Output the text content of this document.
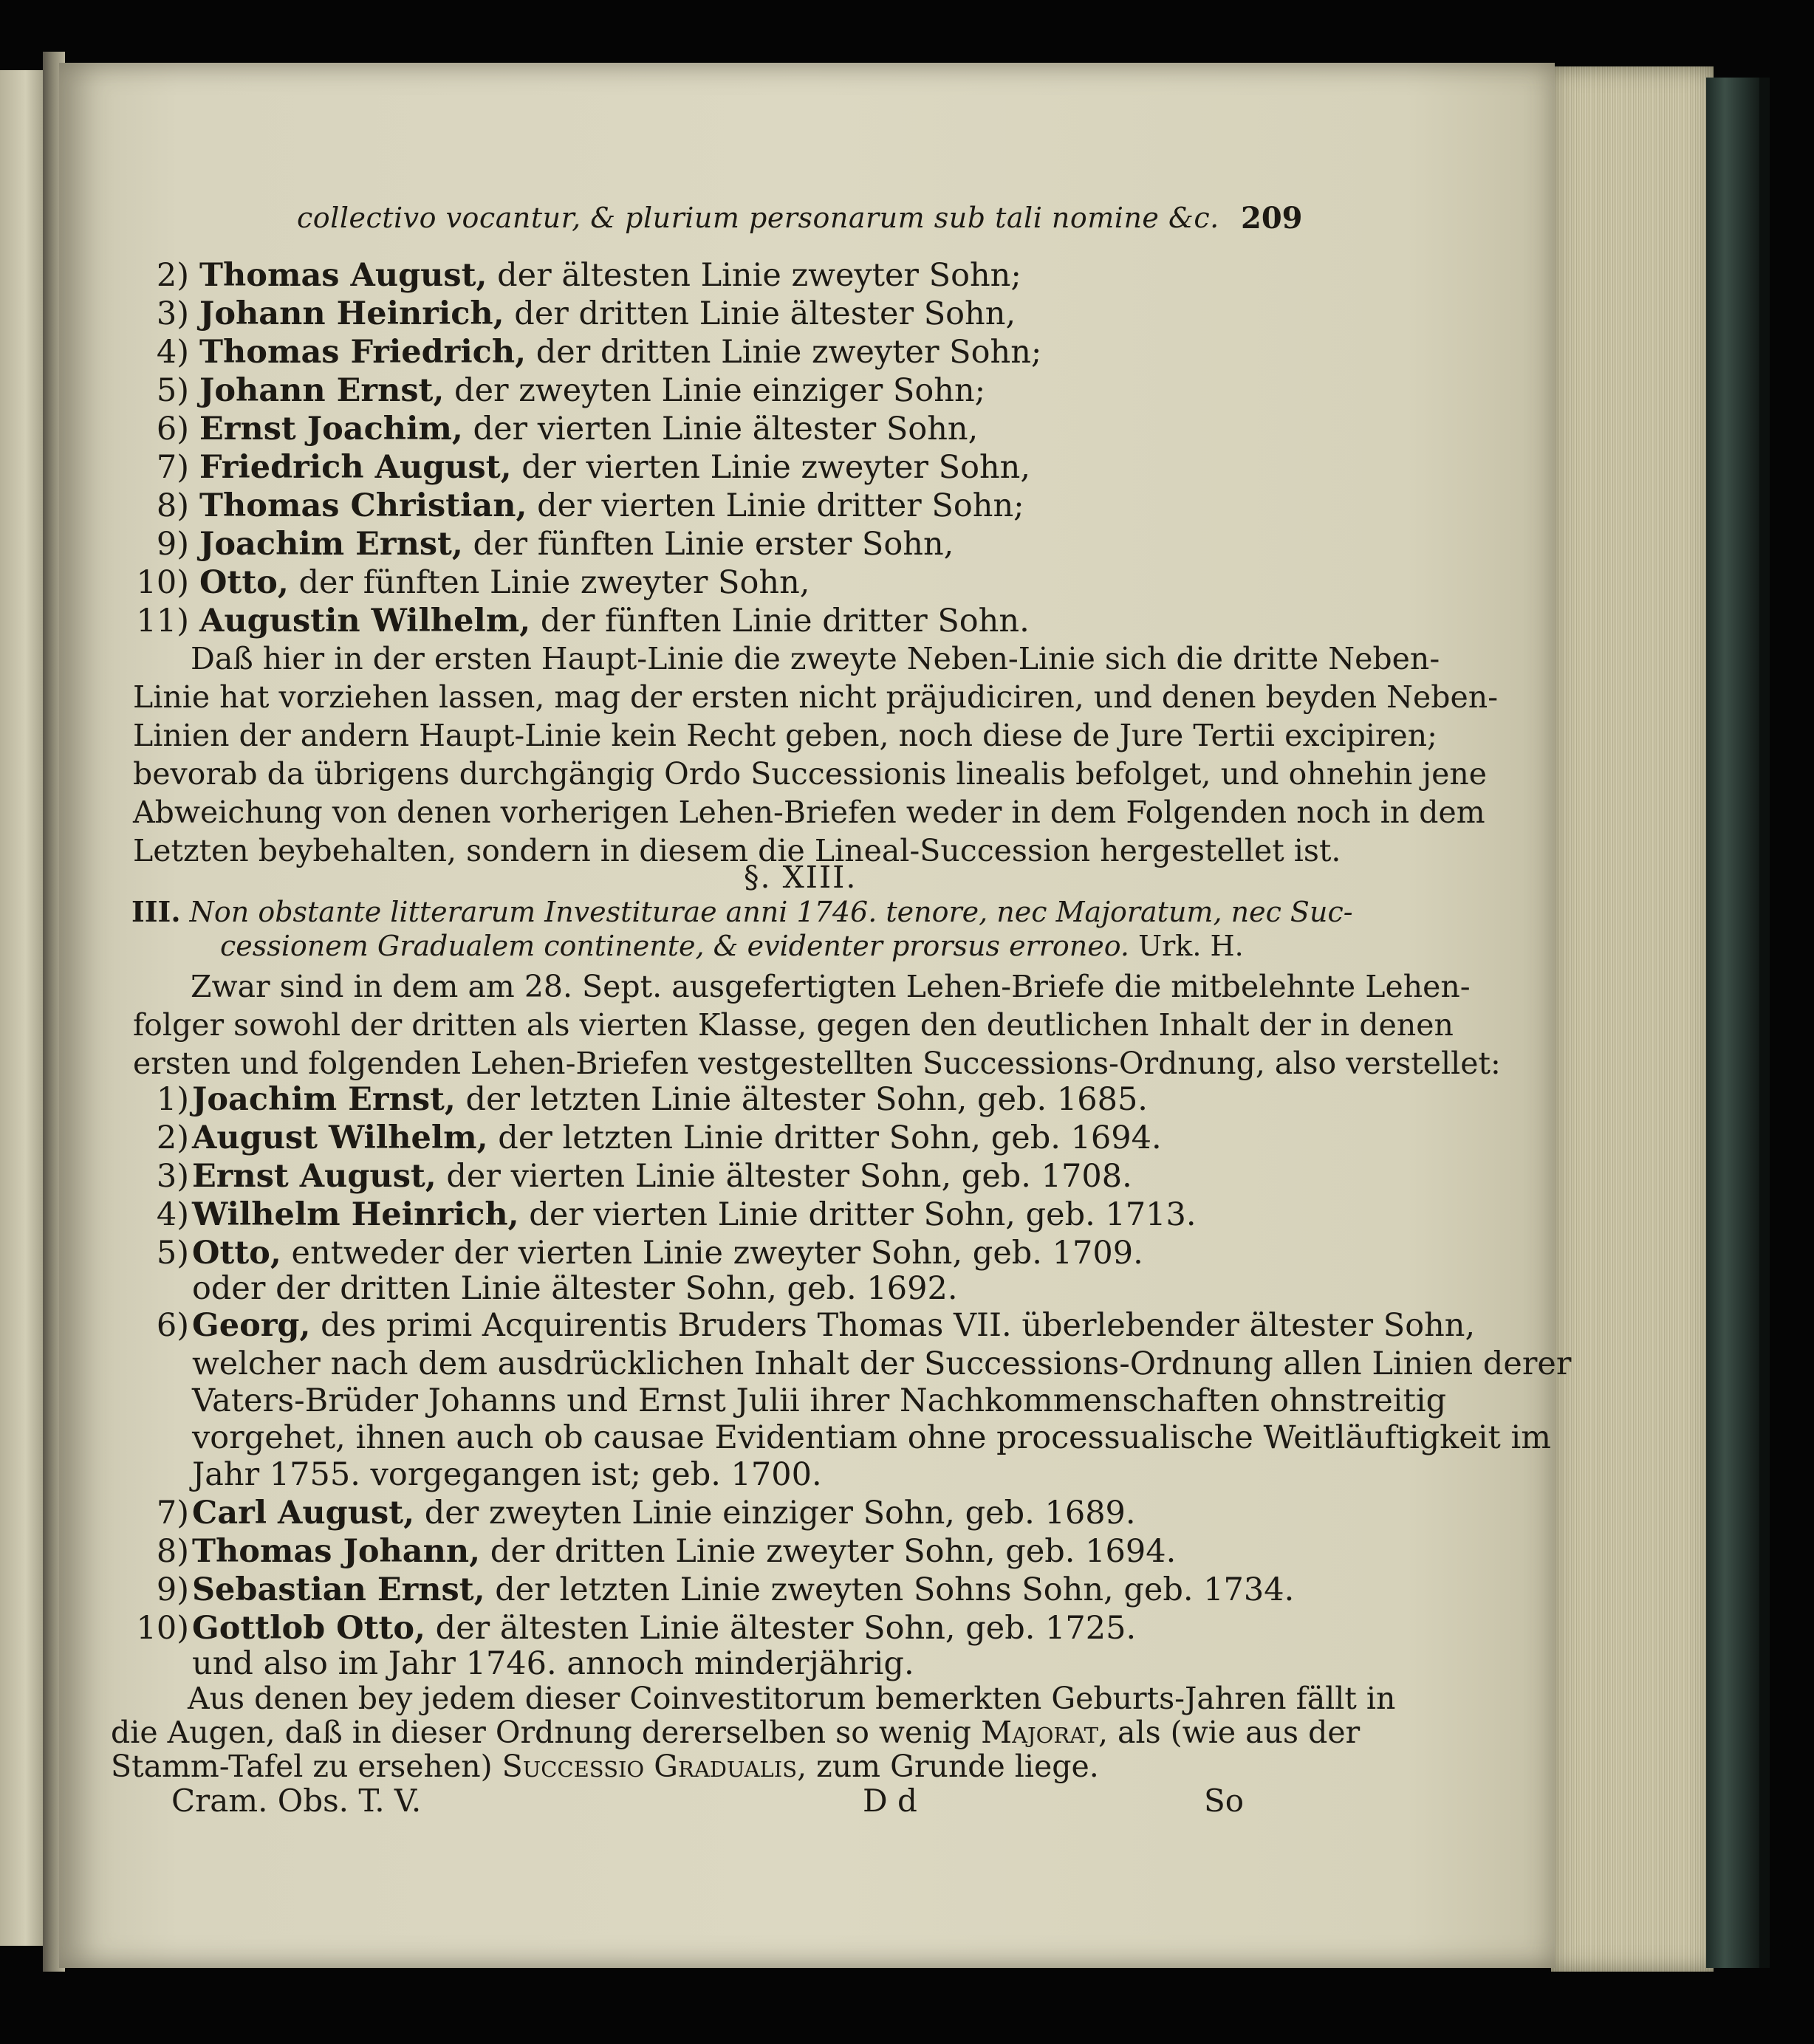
collectivo vocantur, & plurium personarum sub tali nomine &c. 209
2) Thomas August, der ältesten Linie zweyter Sohn;
3) Johann Heinrich, der dritten Linie ältester Sohn,
4) Thomas Friedrich, der dritten Linie zweyter Sohn;
5) Johann Ernst, der zweyten Linie einziger Sohn;
6) Ernst Joachim, der vierten Linie ältester Sohn,
7) Friedrich August, der vierten Linie zweyter Sohn,
8) Thomas Christian, der vierten Linie dritter Sohn;
9) Joachim Ernst, der fünften Linie erster Sohn,
10) Otto, der fünften Linie zweyter Sohn,
11) Augustin Wilhelm, der fünften Linie dritter Sohn.
Daß hier in der ersten Haupt-Linie die zweyte Neben-Linie sich die dritte Neben-
Linie hat vorziehen lassen, mag der ersten nicht präjudiciren, und denen beyden Neben-
Linien der andern Haupt-Linie kein Recht geben, noch diese de Jure Tertii excipiren;
bevorab da übrigens durchgängig Ordo Successionis linealis befolget, und ohnehin jene
Abweichung von denen vorherigen Lehen-Briefen weder in dem Folgenden noch in dem
Letzten beybehalten, sondern in diesem die Lineal-Succession hergestellet ist.
§. XIII.
III. Non obstante litterarum Investiturae anni 1746. tenore, nec Majoratum, nec Suc-
cessionem Gradualem continente, & evidenter prorsus erroneo. Urk. H.
Zwar sind in dem am 28. Sept. ausgefertigten Lehen-Briefe die mitbelehnte Lehen-
folger sowohl der dritten als vierten Klasse, gegen den deutlichen Inhalt der in denen
ersten und folgenden Lehen-Briefen vestgestellten Successions-Ordnung, also verstellet:
1) Joachim Ernst, der letzten Linie ältester Sohn, geb. 1685.
2) August Wilhelm, der letzten Linie dritter Sohn, geb. 1694.
3) Ernst August, der vierten Linie ältester Sohn, geb. 1708.
4) Wilhelm Heinrich, der vierten Linie dritter Sohn, geb. 1713.
5) Otto, entweder der vierten Linie zweyter Sohn, geb. 1709.
oder der dritten Linie ältester Sohn, geb. 1692.
6) Georg, des primi Acquirentis Bruders Thomas VII. überlebender ältester Sohn,
welcher nach dem ausdrücklichen Inhalt der Successions-Ordnung allen Linien derer
Vaters-Brüder Johanns und Ernst Julii ihrer Nachkommenschaften ohnstreitig
vorgehet, ihnen auch ob causae Evidentiam ohne processualische Weitläuftigkeit im
Jahr 1755. vorgegangen ist; geb. 1700.
7) Carl August, der zweyten Linie einziger Sohn, geb. 1689.
8) Thomas Johann, der dritten Linie zweyter Sohn, geb. 1694.
9) Sebastian Ernst, der letzten Linie zweyten Sohns Sohn, geb. 1734.
10) Gottlob Otto, der ältesten Linie ältester Sohn, geb. 1725.
und also im Jahr 1746. annoch minderjährig.
Aus denen bey jedem dieser Coinvestitorum bemerkten Geburts-Jahren fällt in
die Augen, daß in dieser Ordnung dererselben so wenig Majorat, als (wie aus der
Stamm-Tafel zu ersehen) Successio Gradualis, zum Grunde liege.
Cram. Obs. T. V.	D d	So
